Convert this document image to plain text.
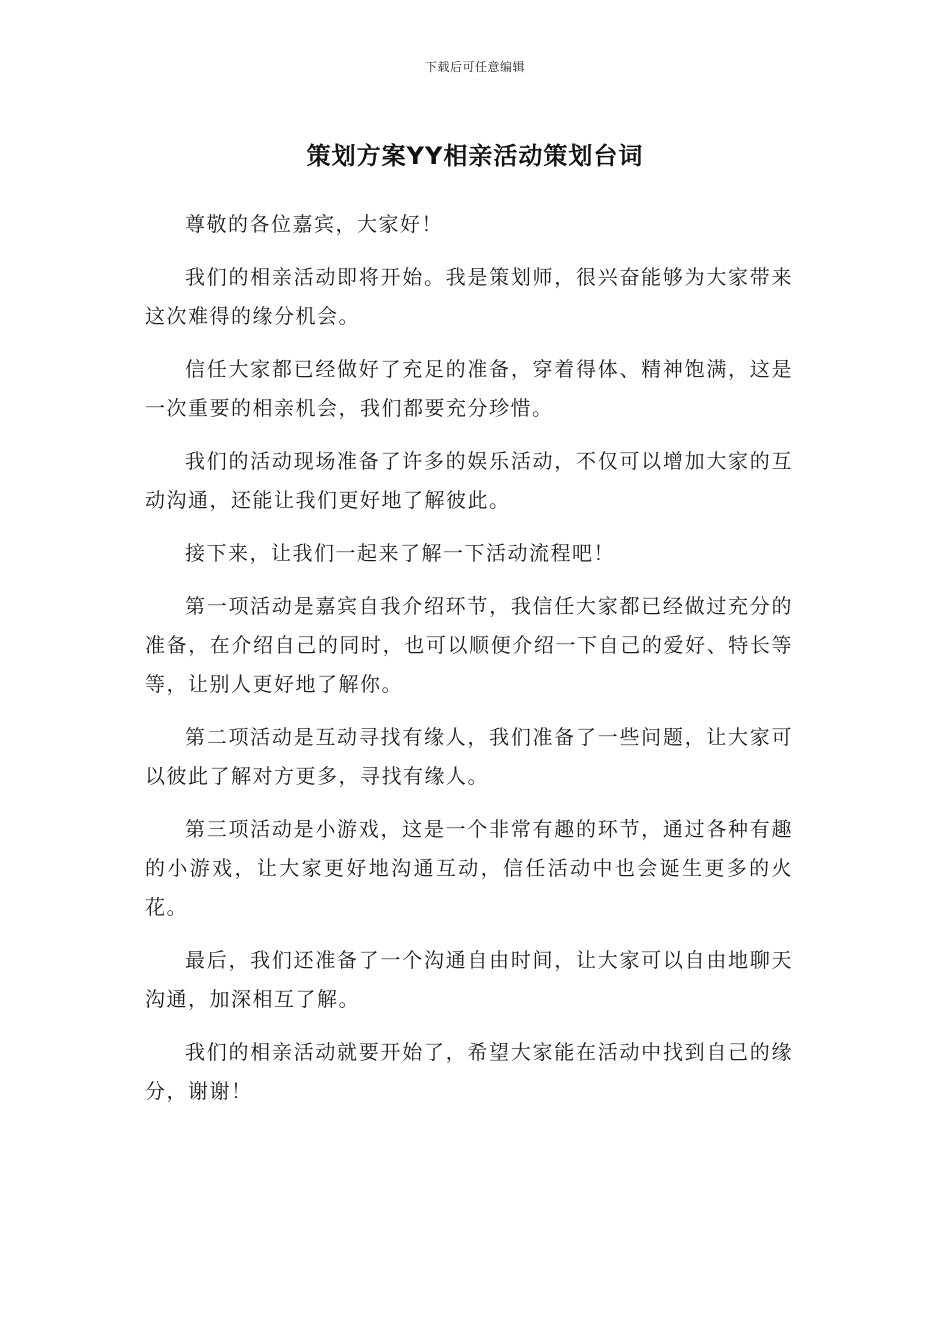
下载后可任意编辑
策划方案YY相亲活动策划台词

尊敬的各位嘉宾，大家好！

我们的相亲活动即将开始。我是策划师，很兴奋能够为大家带来这次难得的缘分机会。

信任大家都已经做好了充足的准备，穿着得体、精神饱满，这是一次重要的相亲机会，我们都要充分珍惜。

我们的活动现场准备了许多的娱乐活动，不仅可以增加大家的互动沟通，还能让我们更好地了解彼此。

接下来，让我们一起来了解一下活动流程吧！

第一项活动是嘉宾自我介绍环节，我信任大家都已经做过充分的准备，在介绍自己的同时，也可以顺便介绍一下自己的爱好、特长等等，让别人更好地了解你。

第二项活动是互动寻找有缘人，我们准备了一些问题，让大家可以彼此了解对方更多，寻找有缘人。

第三项活动是小游戏，这是一个非常有趣的环节，通过各种有趣的小游戏，让大家更好地沟通互动，信任活动中也会诞生更多的火花。

最后，我们还准备了一个沟通自由时间，让大家可以自由地聊天沟通，加深相互了解。

我们的相亲活动就要开始了，希望大家能在活动中找到自己的缘分，谢谢！
